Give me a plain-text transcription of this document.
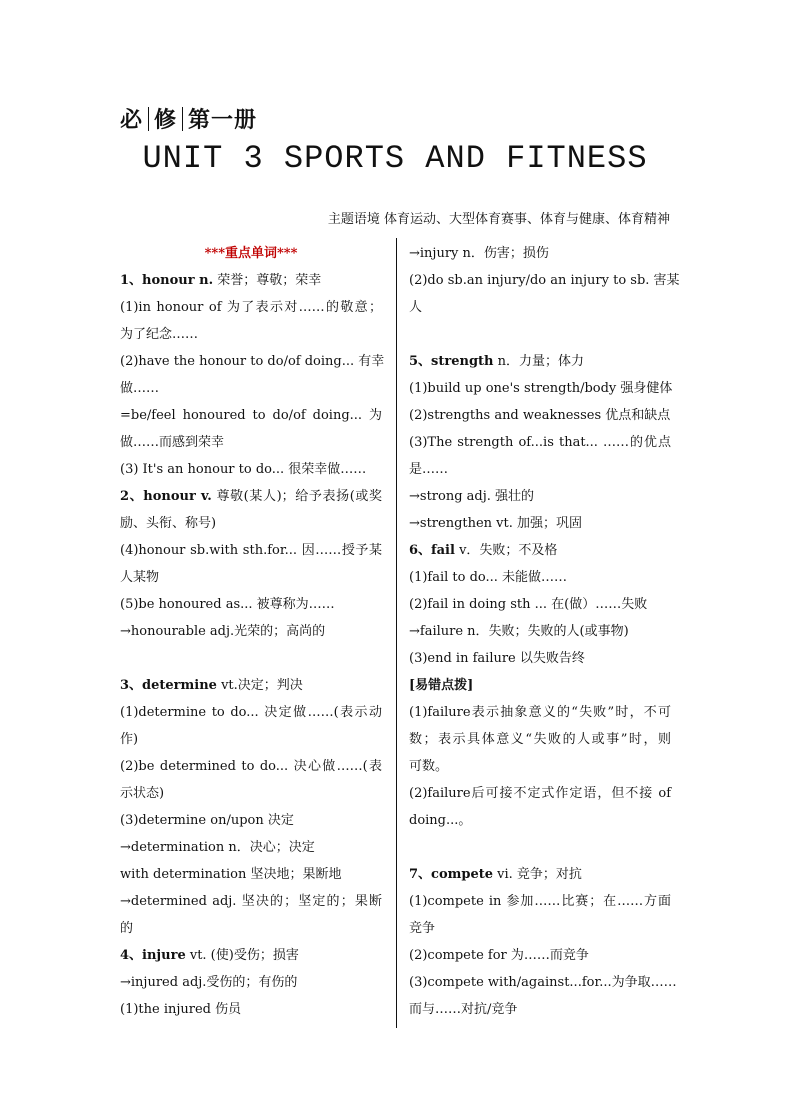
必 修 第一册
UNIT 3 SPORTS AND FITNESS
主题语境 体育运动、大型体育赛事、体育与健康、体育精神

***重点单词***

1、honour n. 荣誉；尊敬；荣幸

(1)in honour of 为了表示对……的敬意；

为了纪念……

(2)have the honour to do/of doing... 有幸

做……

=be/feel honoured to do/of doing... 为

做……而感到荣幸

(3) It's an honour to do... 很荣幸做……

2、honour v. 尊敬(某人)；给予表扬(或奖

励、头衔、称号)

(4)honour sb.with sth.for... 因……授予某

人某物

(5)be honoured as... 被尊称为……

→honourable adj.光荣的；高尚的

3、determine vt.决定；判决

(1)determine to do... 决定做……(表示动

作)

(2)be determined to do... 决心做……(表

示状态)

(3)determine on/upon 决定

→determination n．决心；决定

with determination 坚决地；果断地

→determined adj. 坚决的；坚定的；果断

的

4、injure vt. (使)受伤；损害

→injured adj.受伤的；有伤的

(1)the injured 伤员

→injury n．伤害；损伤

(2)do sb.an injury/do an injury to sb. 害某

人

5、strength n．力量；体力

(1)build up one's strength/body 强身健体

(2)strengths and weaknesses 优点和缺点

(3)The strength of...is that... ……的优点

是……

→strong adj. 强壮的

→strengthen vt. 加强；巩固

6、fail v．失败；不及格

(1)fail to do... 未能做……

(2)fail in doing sth ... 在(做）……失败

→failure n．失败；失败的人(或事物)

(3)end in failure 以失败告终

[易错点拨]

(1)failure表示抽象意义的“失败”时，不可

数；表示具体意义“失败的人或事”时，则

可数。

(2)failure后可接不定式作定语，但不接 of

doing...。

7、compete vi. 竞争；对抗

(1)compete in 参加……比赛；在……方面

竞争

(2)compete for 为……而竞争

(3)compete with/against...for...为争取……

而与……对抗/竞争
